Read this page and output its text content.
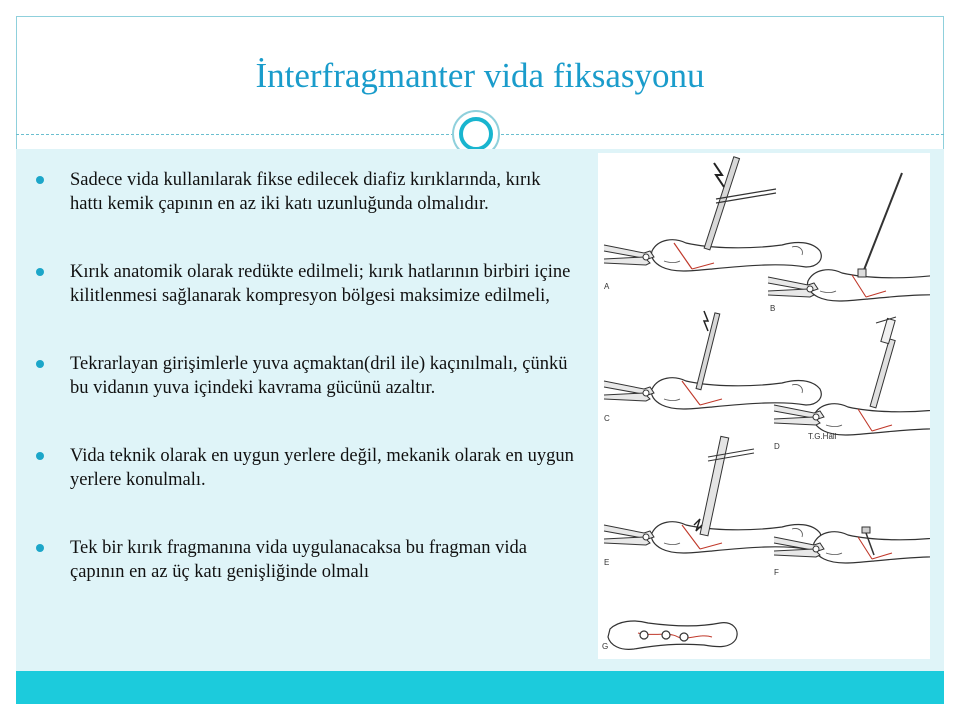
İnterfragmanter vida fiksasyonu
Sadece vida kullanılarak fikse edilecek diafiz kırıklarında, kırık hattı kemik çapının en az iki katı uzunluğunda olmalıdır.
Kırık anatomik olarak redükte edilmeli; kırık hatlarının birbiri içine kilitlenmesi sağlanarak kompresyon bölgesi maksimize edilmeli,
Tekrarlayan girişimlerle yuva açmaktan(dril ile) kaçınılmalı, çünkü bu vidanın yuva içindeki kavrama gücünü azaltır.
Vida teknik olarak en uygun yerlere değil, mekanik olarak en uygun yerlere konulmalı.
Tek bir kırık fragmanına vida uygulanacaksa bu fragman vida çapının en az üç katı genişliğinde olmalı
A
B
C
T.G.Hall
D
E
F
G
